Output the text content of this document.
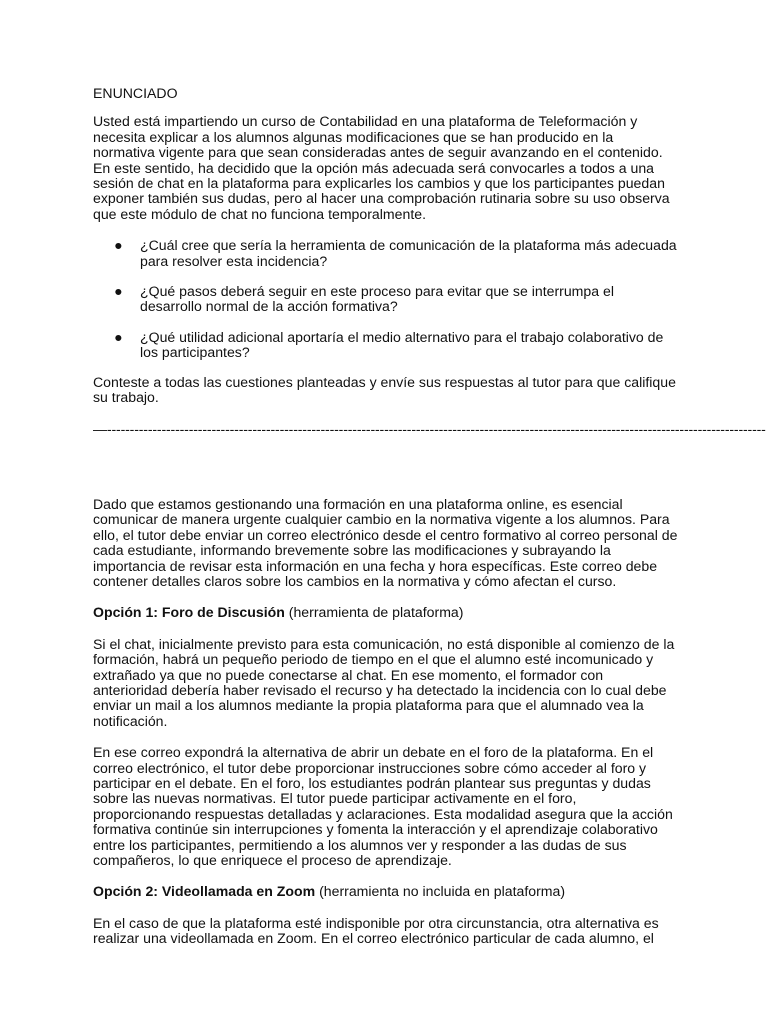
ENUNCIADO

Usted está impartiendo un curso de Contabilidad en una plataforma de Teleformación y necesita explicar a los alumnos algunas modificaciones que se han producido en la normativa vigente para que sean consideradas antes de seguir avanzando en el contenido. En este sentido, ha decidido que la opción más adecuada será convocarles a todos a una sesión de chat en la plataforma para explicarles los cambios y que los participantes puedan exponer también sus dudas, pero al hacer una comprobación rutinaria sobre su uso observa que este módulo de chat no funciona temporalmente.

● ¿Cuál cree que sería la herramienta de comunicación de la plataforma más adecuada para resolver esta incidencia?
● ¿Qué pasos deberá seguir en este proceso para evitar que se interrumpa el desarrollo normal de la acción formativa?
● ¿Qué utilidad adicional aportaría el medio alternativo para el trabajo colaborativo de los participantes?

Conteste a todas las cuestiones planteadas y envíe sus respuestas al tutor para que califique su trabajo.

—-------------------------------------------------------------------------------------------------------------------------------------------------

Dado que estamos gestionando una formación en una plataforma online, es esencial comunicar de manera urgente cualquier cambio en la normativa vigente a los alumnos. Para ello, el tutor debe enviar un correo electrónico desde el centro formativo al correo personal de cada estudiante, informando brevemente sobre las modificaciones y subrayando la importancia de revisar esta información en una fecha y hora específicas. Este correo debe contener detalles claros sobre los cambios en la normativa y cómo afectan el curso.

Opción 1: Foro de Discusión (herramienta de plataforma)

Si el chat, inicialmente previsto para esta comunicación, no está disponible al comienzo de la formación, habrá un pequeño periodo de tiempo en el que el alumno esté incomunicado y extrañado ya que no puede conectarse al chat. En ese momento, el formador con anterioridad debería haber revisado el recurso y ha detectado la incidencia con lo cual debe enviar un mail a los alumnos mediante la propia plataforma para que el alumnado vea la notificación.

En ese correo expondrá la alternativa de abrir un debate en el foro de la plataforma. En el correo electrónico, el tutor debe proporcionar instrucciones sobre cómo acceder al foro y participar en el debate. En el foro, los estudiantes podrán plantear sus preguntas y dudas sobre las nuevas normativas. El tutor puede participar activamente en el foro, proporcionando respuestas detalladas y aclaraciones. Esta modalidad asegura que la acción formativa continúe sin interrupciones y fomenta la interacción y el aprendizaje colaborativo entre los participantes, permitiendo a los alumnos ver y responder a las dudas de sus compañeros, lo que enriquece el proceso de aprendizaje.

Opción 2: Videollamada en Zoom (herramienta no incluida en plataforma)

En el caso de que la plataforma esté indisponible por otra circunstancia, otra alternativa es realizar una videollamada en Zoom. En el correo electrónico particular de cada alumno, el
